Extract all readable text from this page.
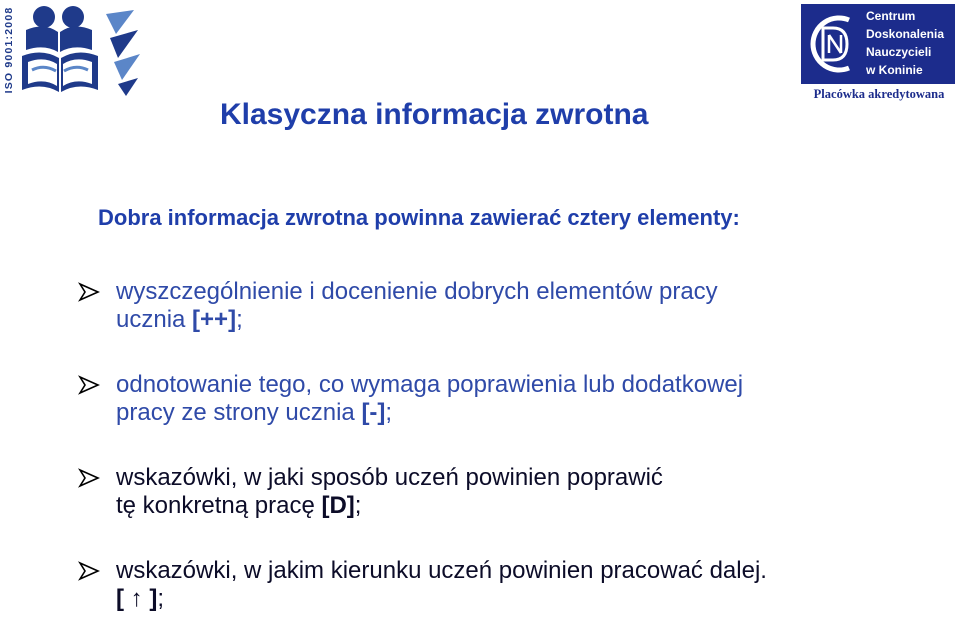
ISO 9001:2008	Centrum
Doskonalenia
Nauczycieli
w Koninie
Placówka akredytowana
Klasyczna informacja zwrotna

Dobra informacja zwrotna powinna zawierać cztery elementy:

wyszczególnienie i docenienie dobrych elementów pracy
ucznia [++];
odnotowanie tego, co wymaga poprawienia lub dodatkowej
pracy ze strony ucznia [-];
wskazówki, w jaki sposób uczeń powinien poprawić
tę konkretną pracę [D];
wskazówki, w jakim kierunku uczeń powinien pracować dalej.
[ ↑ ];
